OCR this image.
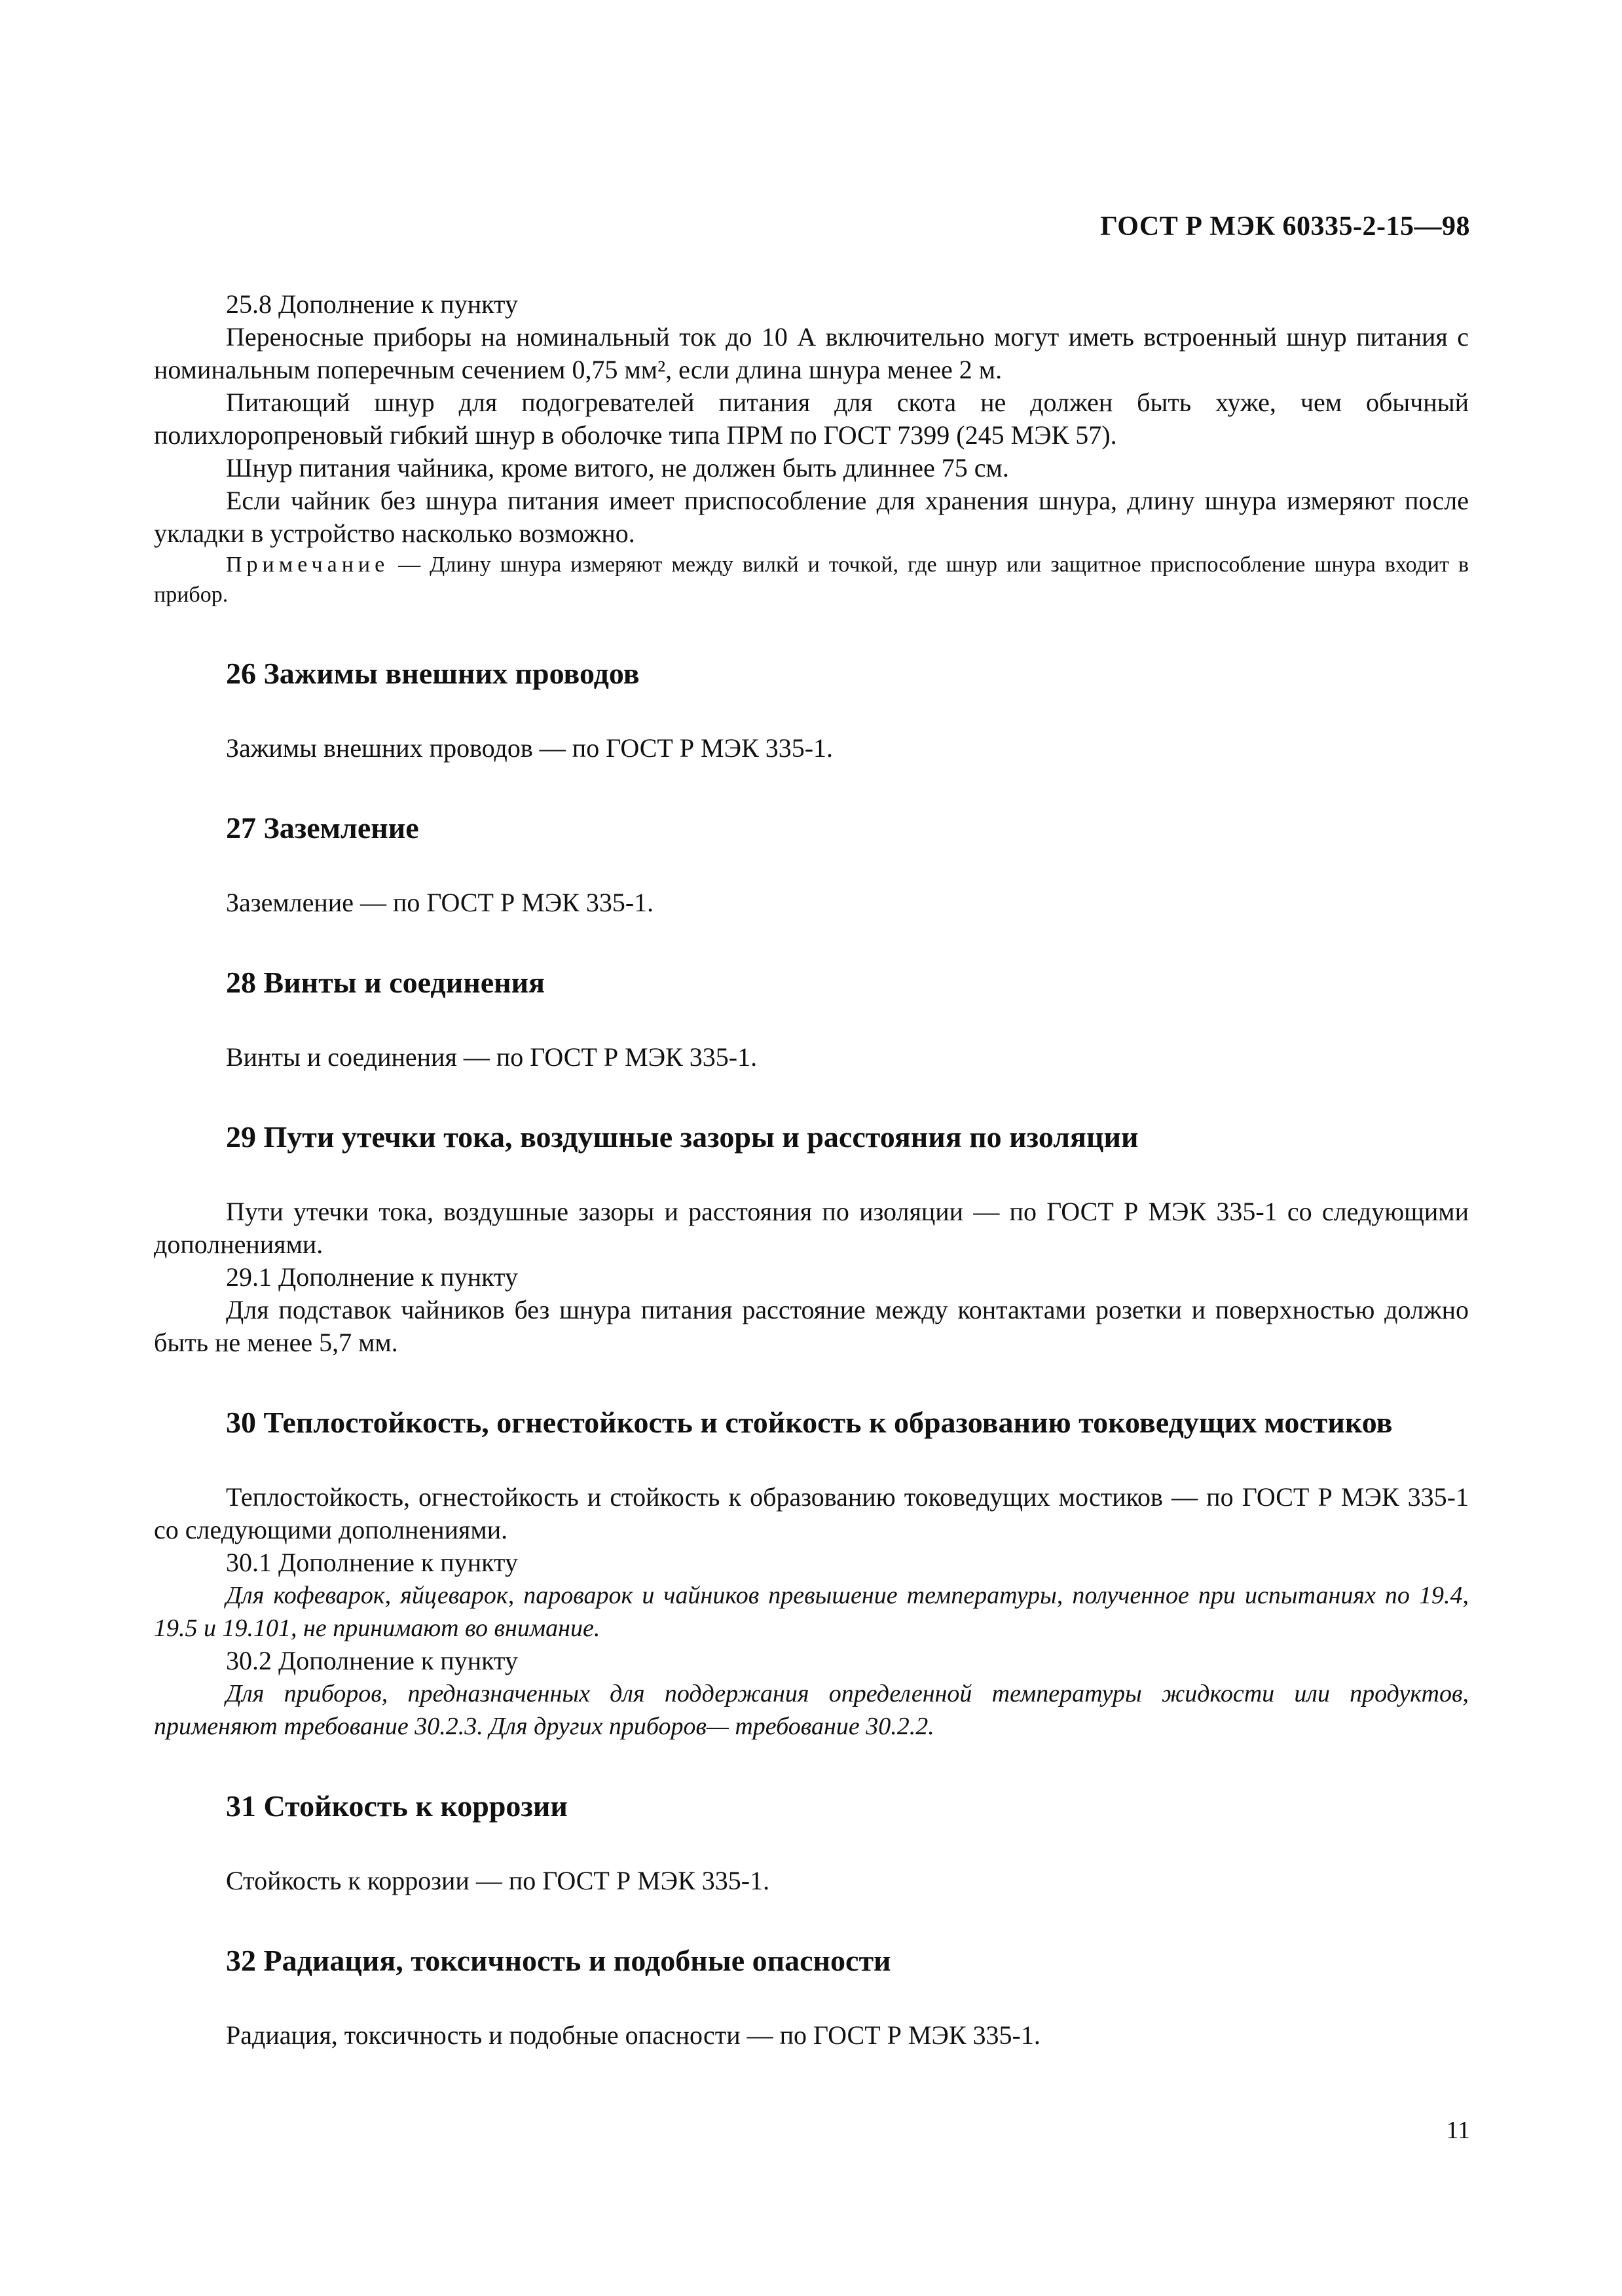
ГОСТ Р МЭК 60335-2-15—98

25.8 Дополнение к пункту

Переносные приборы на номинальный ток до 10 А включительно могут иметь встроенный шнур питания с номинальным поперечным сечением 0,75 мм², если длина шнура менее 2 м.

Питающий шнур для подогревателей питания для скота не должен быть хуже, чем обычный полихлоропреновый гибкий шнур в оболочке типа ПРМ по ГОСТ 7399 (245 МЭК 57).

Шнур питания чайника, кроме витого, не должен быть длиннее 75 см.

Если чайник без шнура питания имеет приспособление для хранения шнура, длину шнура измеряют после укладки в устройство насколько возможно.

Примечание — Длину шнура измеряют между вилкй и точкой, где шнур или защитное приспособление шнура входит в прибор.

26 Зажимы внешних проводов

Зажимы внешних проводов — по ГОСТ Р МЭК 335-1.

27 Заземление

Заземление — по ГОСТ Р МЭК 335-1.

28 Винты и соединения

Винты и соединения — по ГОСТ Р МЭК 335-1.

29 Пути утечки тока, воздушные зазоры и расстояния по изоляции

Пути утечки тока, воздушные зазоры и расстояния по изоляции — по ГОСТ Р МЭК 335-1 со следующими дополнениями.

29.1 Дополнение к пункту

Для подставок чайников без шнура питания расстояние между контактами розетки и поверхностью должно быть не менее 5,7 мм.

30 Теплостойкость, огнестойкость и стойкость к образованию токоведущих мостиков

Теплостойкость, огнестойкость и стойкость к образованию токоведущих мостиков — по ГОСТ Р МЭК 335-1 со следующими дополнениями.

30.1 Дополнение к пункту

Для кофеварок, яйцеварок, пароварок и чайников превышение температуры, полученное при испытаниях по 19.4, 19.5 и 19.101, не принимают во внимание.

30.2 Дополнение к пункту

Для приборов, предназначенных для поддержания определенной температуры жидкости или продуктов, применяют требование 30.2.3. Для других приборов— требование 30.2.2.

31 Стойкость к коррозии

Стойкость к коррозии — по ГОСТ Р МЭК 335-1.

32 Радиация, токсичность и подобные опасности

Радиация, токсичность и подобные опасности — по ГОСТ Р МЭК 335-1.

11
